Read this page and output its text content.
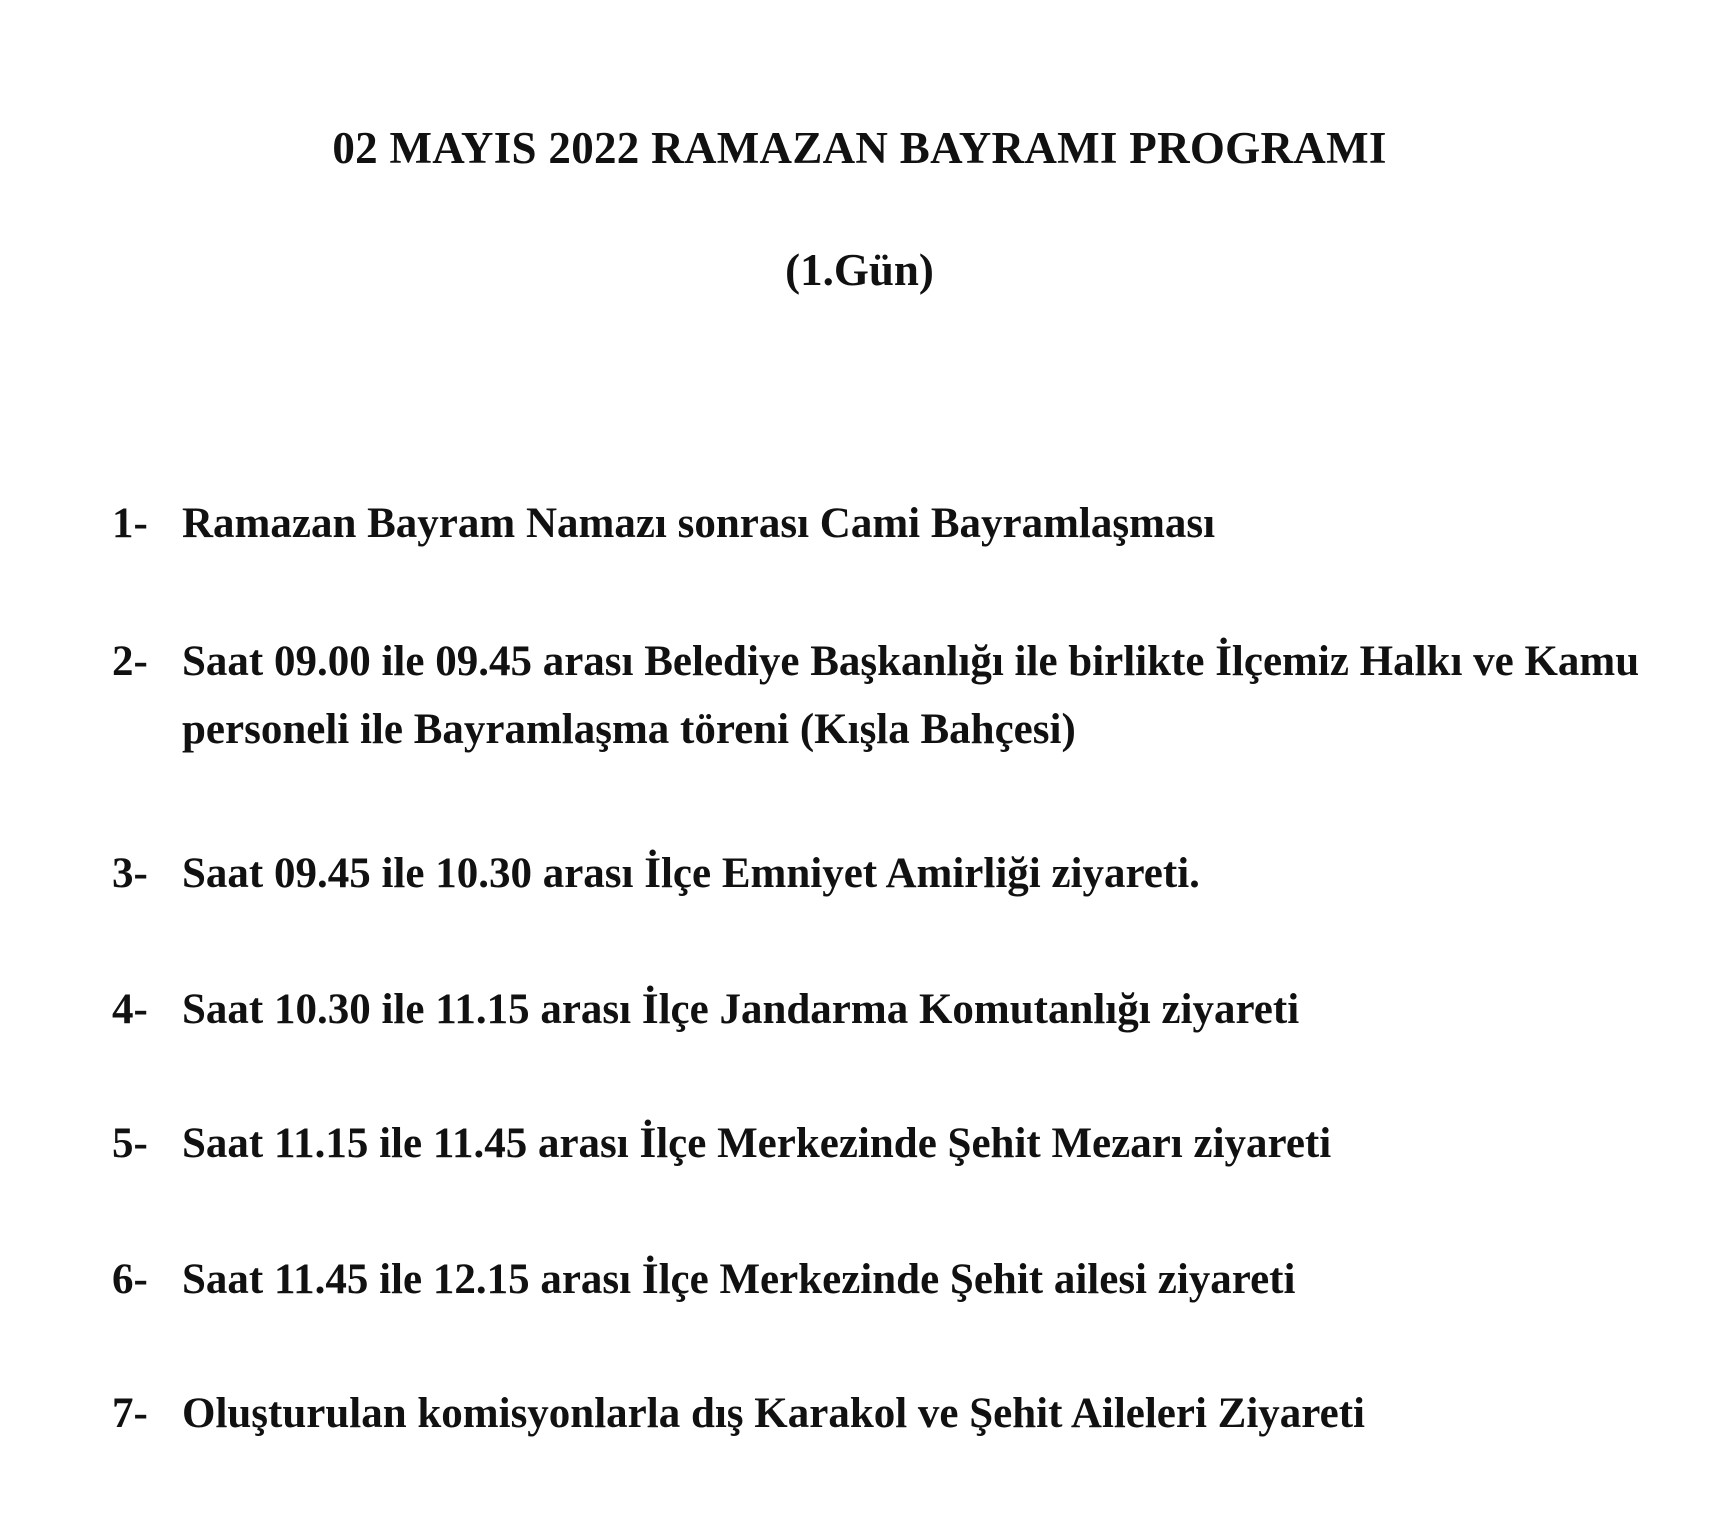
02 MAYIS 2022 RAMAZAN BAYRAMI PROGRAMI
(1.Gün)
1- Ramazan Bayram Namazı sonrası Cami Bayramlaşması
2- Saat 09.00 ile 09.45 arası Belediye Başkanlığı ile birlikte İlçemiz Halkı ve Kamu personeli ile Bayramlaşma töreni (Kışla Bahçesi)
3- Saat 09.45 ile 10.30 arası İlçe Emniyet Amirliği ziyareti.
4- Saat 10.30 ile 11.15 arası İlçe Jandarma Komutanlığı ziyareti
5- Saat 11.15 ile 11.45 arası İlçe Merkezinde Şehit Mezarı ziyareti
6- Saat 11.45 ile 12.15 arası İlçe Merkezinde Şehit ailesi ziyareti
7- Oluşturulan komisyonlarla dış Karakol ve Şehit Aileleri Ziyareti
